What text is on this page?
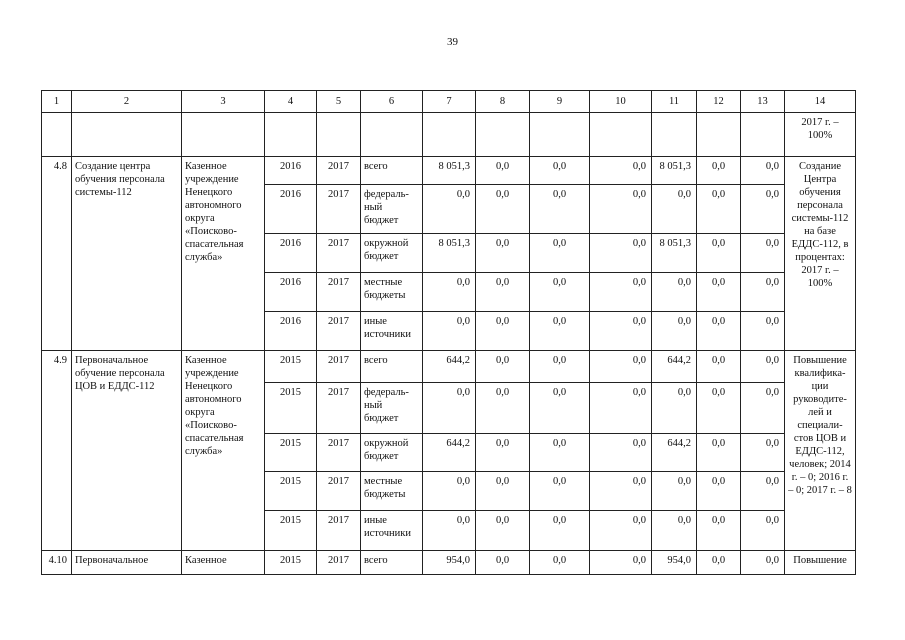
39
1	2	3	4	5	6	7	8	9	10	11	12	13	14
													2017 г. – 100%
4.8	Создание центра обучения персонала системы-112	Казенное учреждение Ненецкого автономного округа «Поисково-спасательная служба»	2016	2017	всего	8 051,3	0,0	0,0	0,0	8 051,3	0,0	0,0	Создание Центра обучения персонала системы-112 на базе ЕДДС-112, в процентах: 2017 г. – 100%
			2016	2017	федераль-ный бюджет	0,0	0,0	0,0	0,0	0,0	0,0	0,0	
			2016	2017	окружной бюджет	8 051,3	0,0	0,0	0,0	8 051,3	0,0	0,0	
			2016	2017	местные бюджеты	0,0	0,0	0,0	0,0	0,0	0,0	0,0	
			2016	2017	иные источники	0,0	0,0	0,0	0,0	0,0	0,0	0,0	
4.9	Первоначальное обучение персонала ЦОВ и ЕДДС-112	Казенное учреждение Ненецкого автономного округа «Поисково-спасательная служба»	2015	2017	всего	644,2	0,0	0,0	0,0	644,2	0,0	0,0	Повышение квалифика-ции руководите-лей и специали-стов ЦОВ и ЕДДС-112, человек; 2014 г. – 0; 2016 г. – 0; 2017 г. – 8
			2015	2017	федераль-ный бюджет	0,0	0,0	0,0	0,0	0,0	0,0	0,0	
			2015	2017	окружной бюджет	644,2	0,0	0,0	0,0	644,2	0,0	0,0	
			2015	2017	местные бюджеты	0,0	0,0	0,0	0,0	0,0	0,0	0,0	
			2015	2017	иные источники	0,0	0,0	0,0	0,0	0,0	0,0	0,0	
4.10	Первоначальное	Казенное	2015	2017	всего	954,0	0,0	0,0	0,0	954,0	0,0	0,0	Повышение
